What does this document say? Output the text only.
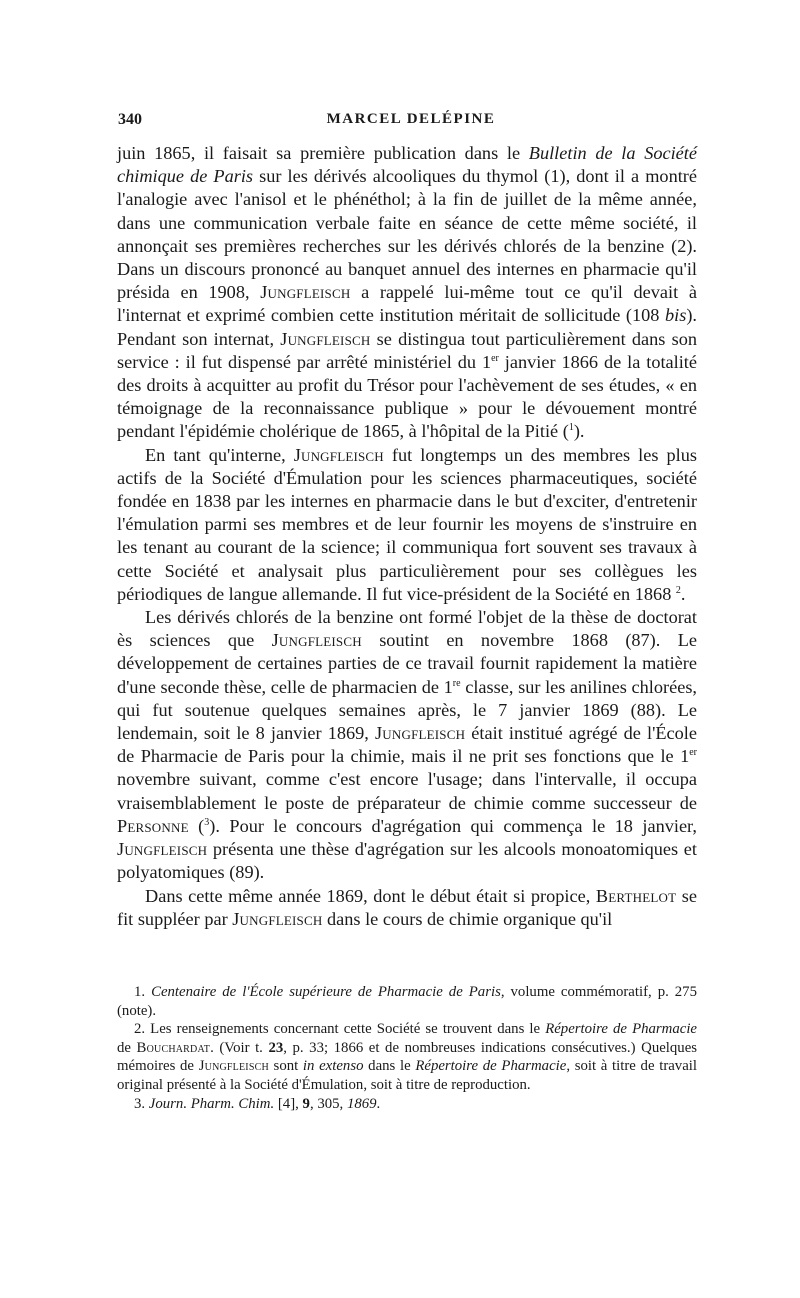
340	MARCEL DELÉPINE

juin 1865, il faisait sa première publication dans le Bulletin de la Société chimique de Paris sur les dérivés alcooliques du thymol (1), dont il a montré l'analogie avec l'anisol et le phénéthol; à la fin de juillet de la même année, dans une communication verbale faite en séance de cette même société, il annonçait ses premières recherches sur les dérivés chlorés de la benzine (2). Dans un discours prononcé au banquet annuel des internes en pharmacie qu'il présida en 1908, Jungfleisch a rappelé lui-même tout ce qu'il devait à l'internat et exprimé combien cette institution méritait de sollicitude (108 bis). Pendant son internat, Jungfleisch se distingua tout particulièrement dans son service : il fut dispensé par arrêté ministériel du 1er janvier 1866 de la totalité des droits à acquitter au profit du Trésor pour l'achèvement de ses études, « en témoignage de la reconnaissance publique » pour le dévouement montré pendant l'épidémie cholérique de 1865, à l'hôpital de la Pitié ($^1$).

En tant qu'interne, Jungfleisch fut longtemps un des membres les plus actifs de la Société d'Émulation pour les sciences pharmaceutiques, société fondée en 1838 par les internes en pharmacie dans le but d'exciter, d'entretenir l'émulation parmi ses membres et de leur fournir les moyens de s'instruire en les tenant au courant de la science; il communiqua fort souvent ses travaux à cette Société et analysait plus particulièrement pour ses collègues les périodiques de langue allemande. Il fut vice-président de la Société en 1868 $^2$.

Les dérivés chlorés de la benzine ont formé l'objet de la thèse de doctorat ès sciences que Jungfleisch soutint en novembre 1868 (87). Le développement de certaines parties de ce travail fournit rapidement la matière d'une seconde thèse, celle de pharmacien de 1re classe, sur les anilines chlorées, qui fut soutenue quelques semaines après, le 7 janvier 1869 (88). Le lendemain, soit le 8 janvier 1869, Jungfleisch était institué agrégé de l'École de Pharmacie de Paris pour la chimie, mais il ne prit ses fonctions que le 1er novembre suivant, comme c'est encore l'usage; dans l'intervalle, il occupa vraisemblablement le poste de préparateur de chimie comme successeur de Personne ($^3$). Pour le concours d'agrégation qui commença le 18 janvier, Jungfleisch présenta une thèse d'agrégation sur les alcools monoatomiques et polyatomiques (89).

Dans cette même année 1869, dont le début était si propice, Berthelot se fit suppléer par Jungfleisch dans le cours de chimie organique qu'il

1. Centenaire de l'École supérieure de Pharmacie de Paris, volume commémoratif, p. 275 (note).

2. Les renseignements concernant cette Société se trouvent dans le Répertoire de Pharmacie de Bouchardat. (Voir t. 23, p. 33; 1866 et de nombreuses indications consécutives.) Quelques mémoires de Jungfleisch sont in extenso dans le Répertoire de Pharmacie, soit à titre de travail original présenté à la Société d'Émulation, soit à titre de reproduction.

3. Journ. Pharm. Chim. [4], 9, 305, 1869.
